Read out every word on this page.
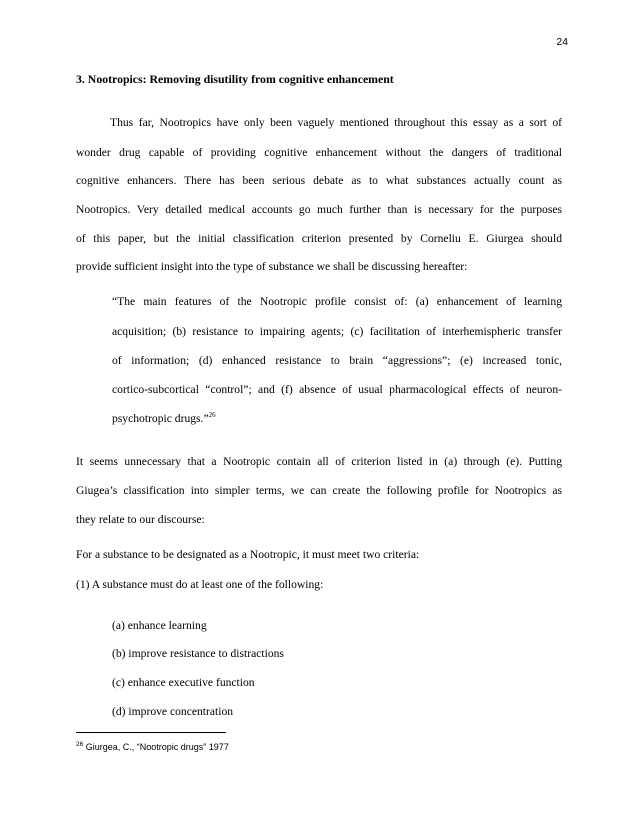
24
3. Nootropics: Removing disutility from cognitive enhancement
Thus far, Nootropics have only been vaguely mentioned throughout this essay as a sort of
wonder drug capable of providing cognitive enhancement without the dangers of traditional
cognitive enhancers. There has been serious debate as to what substances actually count as
Nootropics. Very detailed medical accounts go much further than is necessary for the purposes
of this paper, but the initial classification criterion presented by Corneliu E. Giurgea should
provide sufficient insight into the type of substance we shall be discussing hereafter:
“The main features of the Nootropic profile consist of: (a) enhancement of learning
acquisition; (b) resistance to impairing agents; (c) facilitation of interhemispheric transfer
of information; (d) enhanced resistance to brain “aggressions”; (e) increased tonic,
cortico-subcortical “control”; and (f) absence of usual pharmacological effects of neuron-
psychotropic drugs.”$^{26}$
It seems unnecessary that a Nootropic contain all of criterion listed in (a) through (e). Putting
Giugea’s classification into simpler terms, we can create the following profile for Nootropics as
they relate to our discourse:
For a substance to be designated as a Nootropic, it must meet two criteria:
(1) A substance must do at least one of the following:
(a) enhance learning
(b) improve resistance to distractions
(c) enhance executive function
(d) improve concentration
$^{26}$ Giurgea, C., “Nootropic drugs” 1977
